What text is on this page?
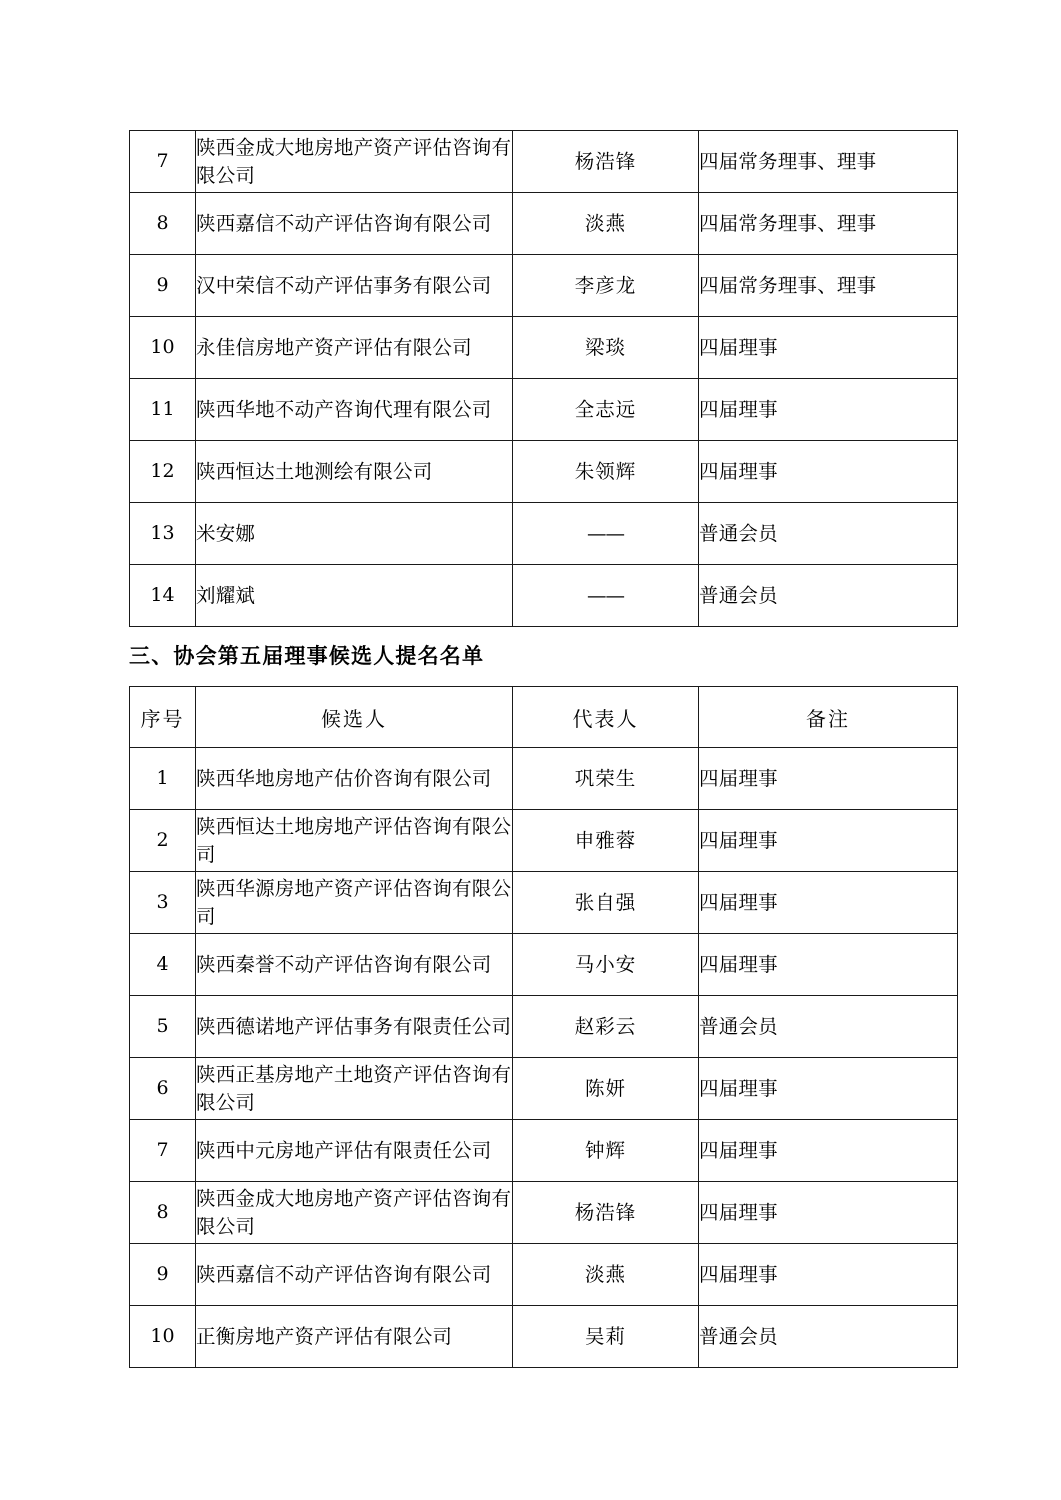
7	陕西金成大地房地产资产评估咨询有限公司	杨浩锋	四届常务理事、理事
8	陕西嘉信不动产评估咨询有限公司	淡燕	四届常务理事、理事
9	汉中荣信不动产评估事务有限公司	李彦龙	四届常务理事、理事
10	永佳信房地产资产评估有限公司	梁琰	四届理事
11	陕西华地不动产咨询代理有限公司	全志远	四届理事
12	陕西恒达土地测绘有限公司	朱领辉	四届理事
13	米安娜	——	普通会员
14	刘耀斌	——	普通会员
三、协会第五届理事候选人提名名单
序号	候选人	代表人	备注
1	陕西华地房地产估价咨询有限公司	巩荣生	四届理事
2	陕西恒达土地房地产评估咨询有限公司	申雅蓉	四届理事
3	陕西华源房地产资产评估咨询有限公司	张自强	四届理事
4	陕西秦誉不动产评估咨询有限公司	马小安	四届理事
5	陕西德诺地产评估事务有限责任公司	赵彩云	普通会员
6	陕西正基房地产土地资产评估咨询有限公司	陈妍	四届理事
7	陕西中元房地产评估有限责任公司	钟辉	四届理事
8	陕西金成大地房地产资产评估咨询有限公司	杨浩锋	四届理事
9	陕西嘉信不动产评估咨询有限公司	淡燕	四届理事
10	正衡房地产资产评估有限公司	吴莉	普通会员
